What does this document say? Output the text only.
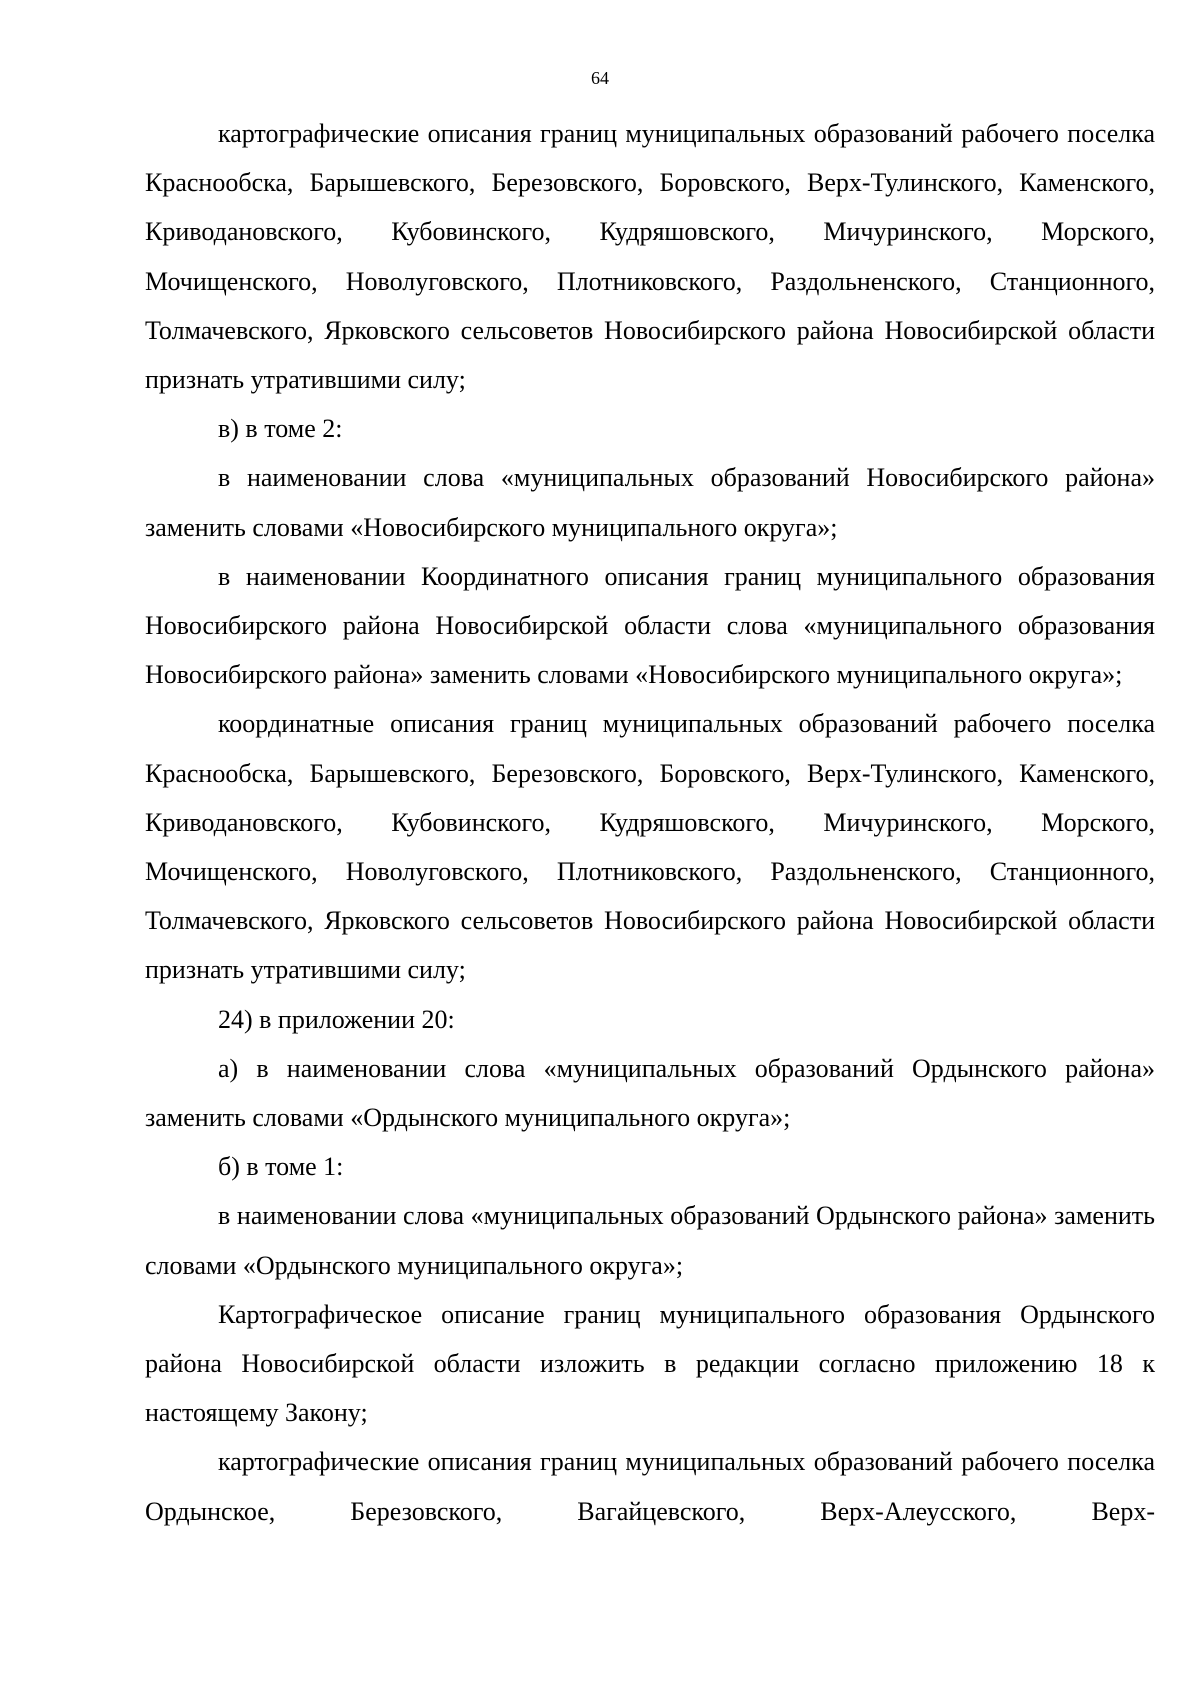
64

картографические описания границ муниципальных образований рабочего поселка Краснообска, Барышевского, Березовского, Боровского, Верх-Тулинского, Каменского, Криводановского, Кубовинского, Кудряшовского, Мичуринского, Морского, Мочищенского, Новолуговского, Плотниковского, Раздольненского, Станционного, Толмачевского, Ярковского сельсоветов Новосибирского района Новосибирской области признать утратившими силу;

в) в томе 2:

в наименовании слова «муниципальных образований Новосибирского района» заменить словами «Новосибирского муниципального округа»;

в наименовании Координатного описания границ муниципального образования Новосибирского района Новосибирской области слова «муниципального образования Новосибирского района» заменить словами «Новосибирского муниципального округа»;

координатные описания границ муниципальных образований рабочего поселка Краснообска, Барышевского, Березовского, Боровского, Верх-Тулинского, Каменского, Криводановского, Кубовинского, Кудряшовского, Мичуринского, Морского, Мочищенского, Новолуговского, Плотниковского, Раздольненского, Станционного, Толмачевского, Ярковского сельсоветов Новосибирского района Новосибирской области признать утратившими силу;

24) в приложении 20:

а) в наименовании слова «муниципальных образований Ордынского района» заменить словами «Ордынского муниципального округа»;

б) в томе 1:

в наименовании слова «муниципальных образований Ордынского района» заменить словами «Ордынского муниципального округа»;

Картографическое описание границ муниципального образования Ордынского района Новосибирской области изложить в редакции согласно приложению 18 к настоящему Закону;

картографические описания границ муниципальных образований рабочего поселка Ордынское, Березовского, Вагайцевского, Верх-Алеусского, Верх-
